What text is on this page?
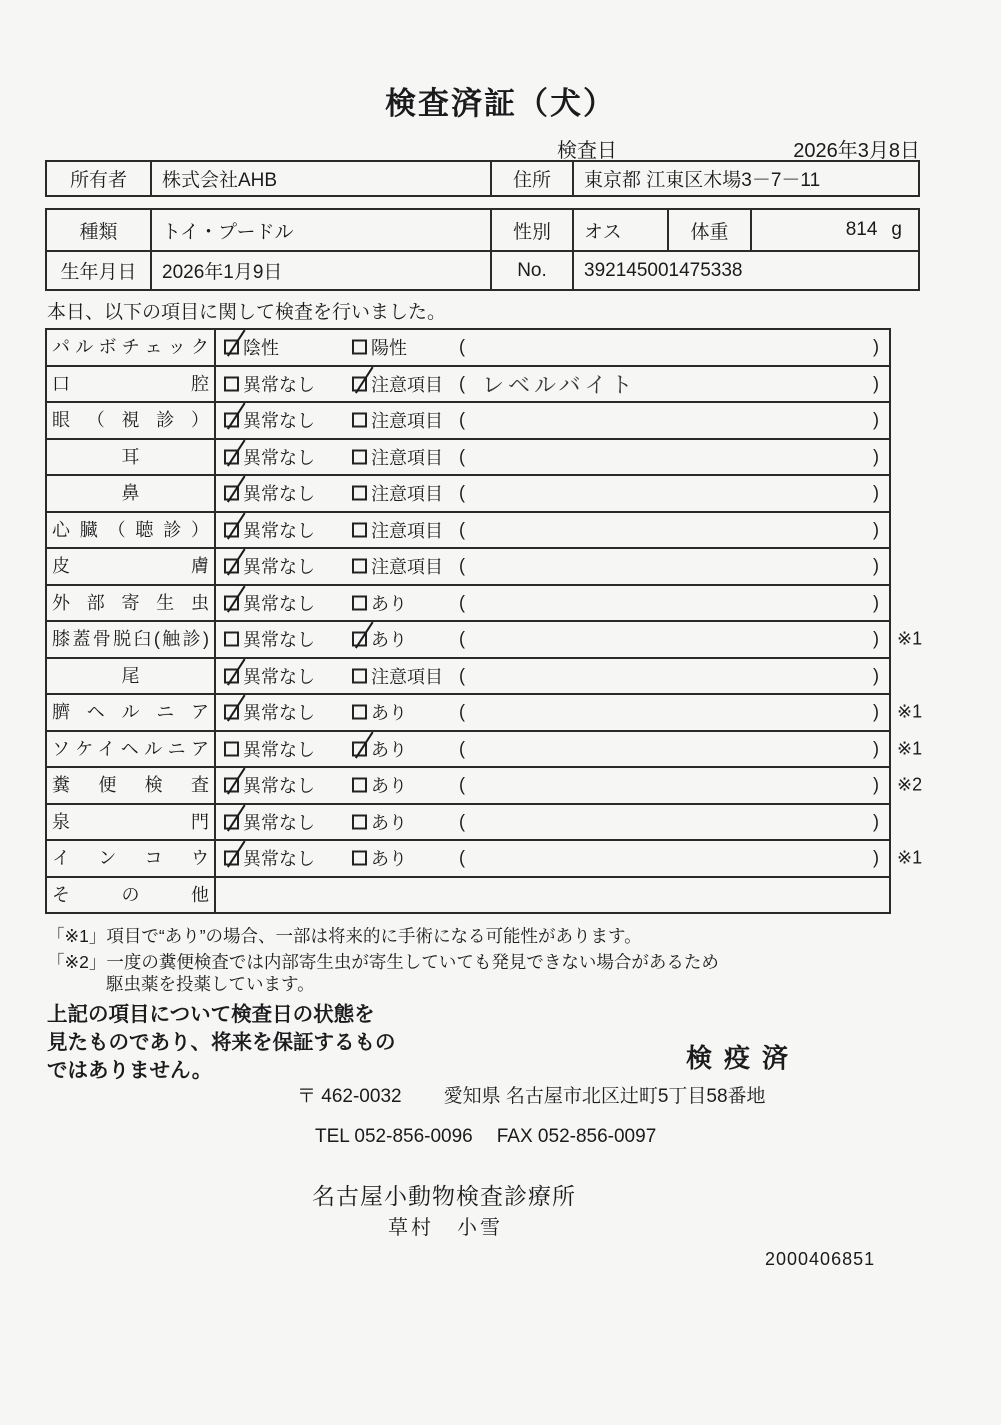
検査済証（犬）
検査日	2026年3月8日
所有者	株式会社AHB	住所	東京都 江東区木場3－7－11
種類	トイ・プードル	性別	オス	体重	814 g
生年月日	2026年1月9日	No.	392145001475338
本日、以下の項目に関して検査を行いました。
パルボチェック	陰性	陽性	(	)
口腔	異常なし	注意項目 ( レベルバイト	)
眼（視診）	異常なし	注意項目 (	)
耳	異常なし	注意項目 (	)
鼻	異常なし	注意項目 (	)
心臓（聴診）	異常なし	注意項目 (	)
皮膚	異常なし	注意項目 (	)
外部寄生虫	異常なし	あり	(	)
膝蓋骨脱臼(触診)	異常なし	あり	(	) ※1
尾	異常なし	注意項目 (	)
臍ヘルニア	異常なし	あり	(	) ※1
ソケイヘルニア	異常なし	あり	(	) ※1
糞便検査	異常なし	あり	(	) ※2
泉門	異常なし	あり	(	)
インコウ	異常なし	あり	(	) ※1
その他
「※1」項目で“あり”の場合、一部は将来的に手術になる可能性があります。
「※2」一度の糞便検査では内部寄生虫が寄生していても発見できない場合があるため
駆虫薬を投薬しています。
上記の項目について検査日の状態を
見たものであり、将来を保証するもの
ではありません。	検疫済
〒 462-0032 愛知県 名古屋市北区辻町5丁目58番地
TEL 052-856-0096 FAX 052-856-0097
名古屋小動物検査診療所
草村　小雪
2000406851
